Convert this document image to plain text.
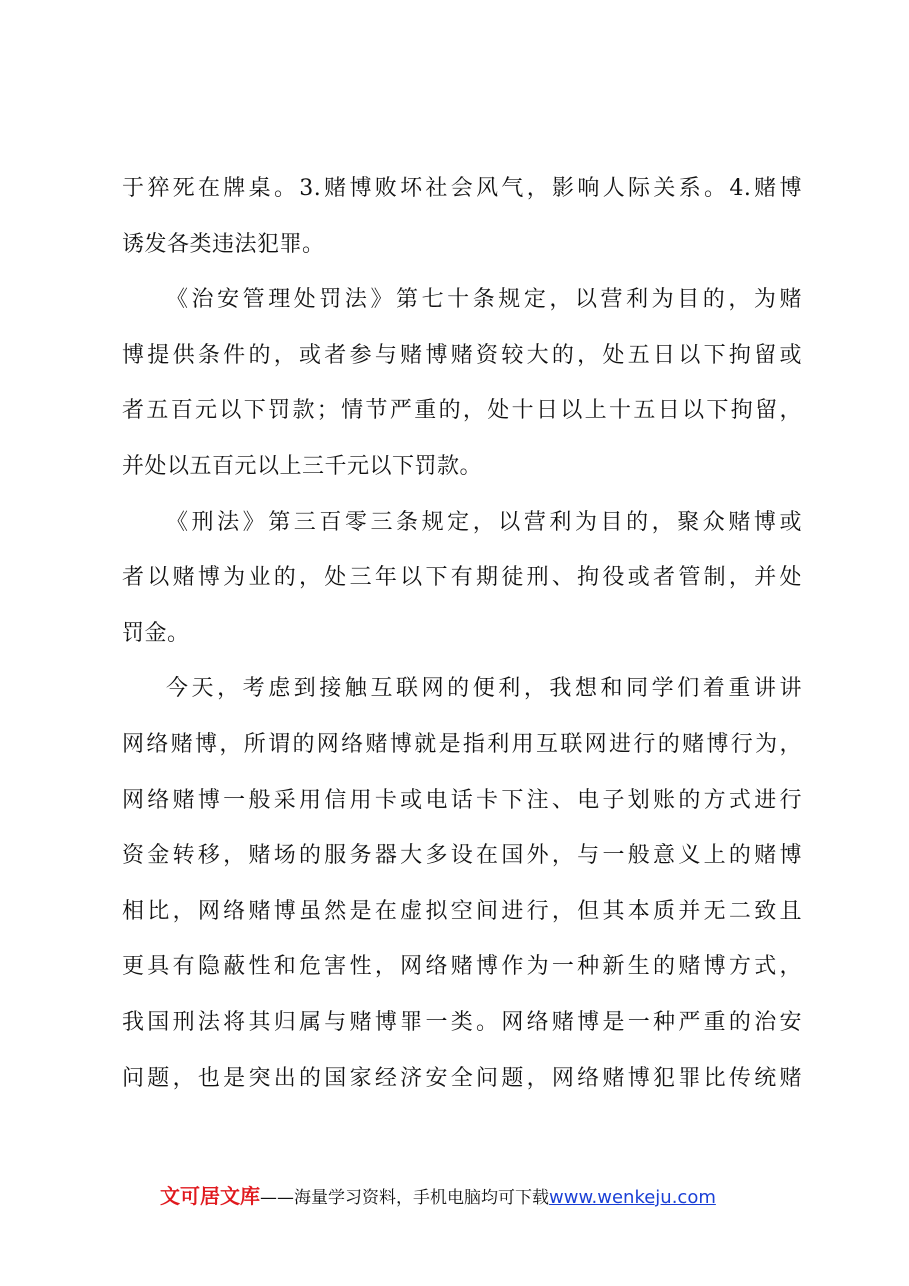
于猝死在牌桌。3.赌博败坏社会风气，影响人际关系。4.赌博
诱发各类违法犯罪。
《治安管理处罚法》第七十条规定，以营利为目的，为赌
博提供条件的，或者参与赌博赌资较大的，处五日以下拘留或
者五百元以下罚款；情节严重的，处十日以上十五日以下拘留，
并处以五百元以上三千元以下罚款。
《刑法》第三百零三条规定，以营利为目的，聚众赌博或
者以赌博为业的，处三年以下有期徒刑、拘役或者管制，并处
罚金。
今天，考虑到接触互联网的便利，我想和同学们着重讲讲
网络赌博，所谓的网络赌博就是指利用互联网进行的赌博行为，
网络赌博一般采用信用卡或电话卡下注、电子划账的方式进行
资金转移，赌场的服务器大多设在国外，与一般意义上的赌博
相比，网络赌博虽然是在虚拟空间进行，但其本质并无二致且
更具有隐蔽性和危害性，网络赌博作为一种新生的赌博方式，
我国刑法将其归属与赌博罪一类。网络赌博是一种严重的治安
问题，也是突出的国家经济安全问题，网络赌博犯罪比传统赌
文可居文库——海量学习资料，手机电脑均可下载www.wenkeju.com
